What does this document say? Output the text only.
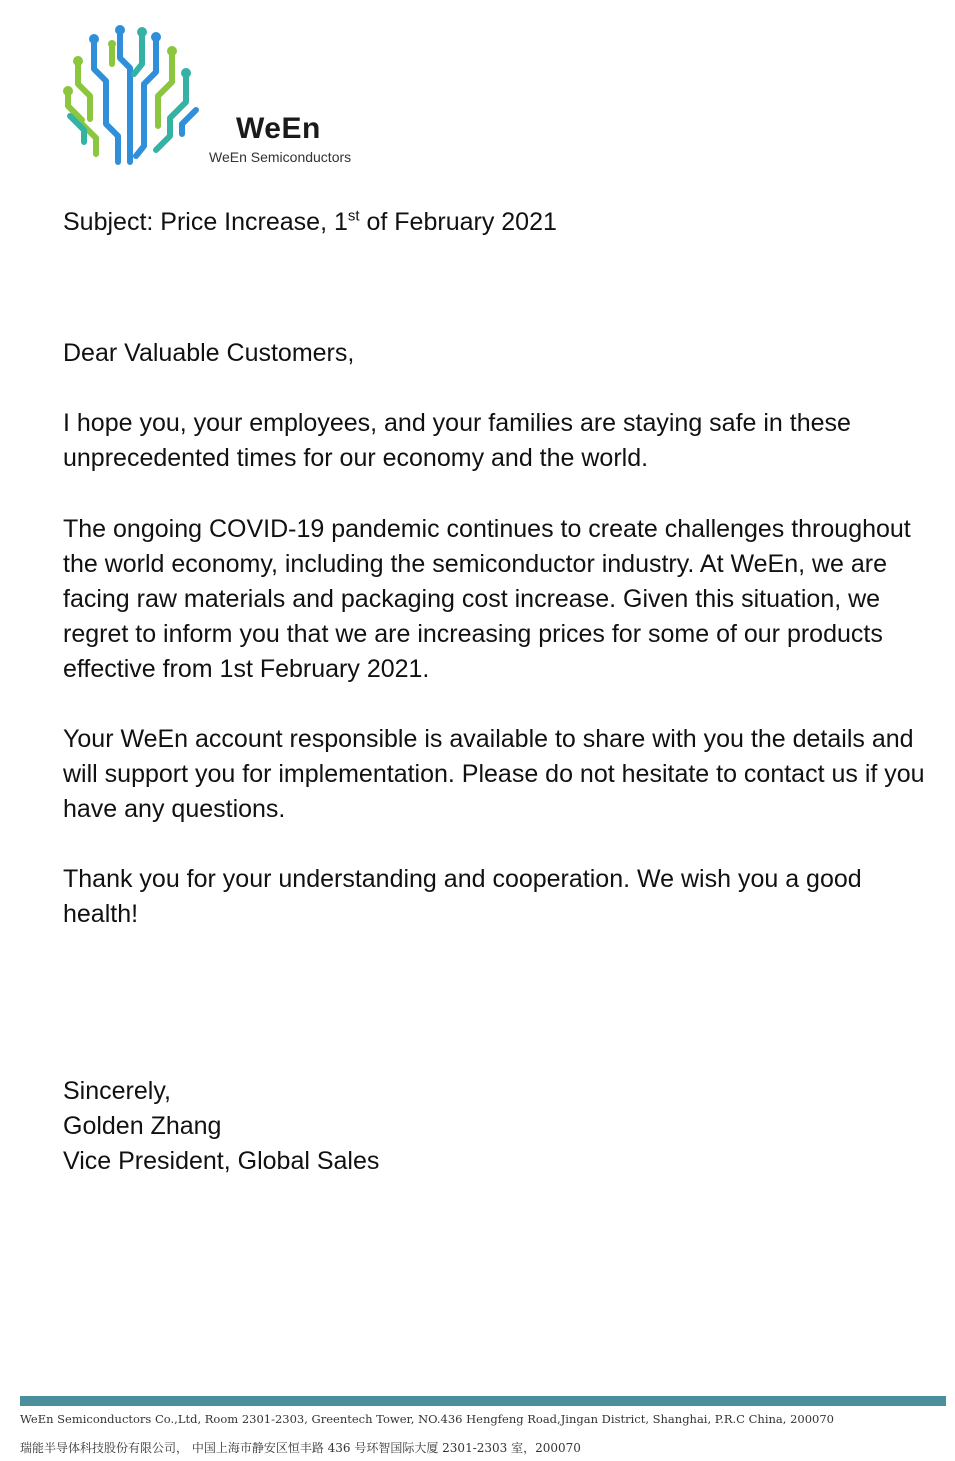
WeEn
WeEn Semiconductors
Subject: Price Increase, 1st of February 2021

Dear Valuable Customers,

I hope you, your employees, and your families are staying safe in these unprecedented times for our economy and the world.

The ongoing COVID-19 pandemic continues to create challenges throughout the world economy, including the semiconductor industry. At WeEn, we are facing raw materials and packaging cost increase. Given this situation, we regret to inform you that we are increasing prices for some of our products effective from 1st February 2021.

Your WeEn account responsible is available to share with you the details and will support you for implementation. Please do not hesitate to contact us if you have any questions.

Thank you for your understanding and cooperation. We wish you a good health!

Sincerely,
Golden Zhang
Vice President, Global Sales
WeEn Semiconductors Co.,Ltd, Room 2301-2303, Greentech Tower, NO.436 Hengfeng Road,Jingan District, Shanghai, P.R.C China, 200070
瑞能半导体科技股份有限公司， 中国上海市静安区恒丰路 436 号环智国际大厦 2301-2303 室，200070
